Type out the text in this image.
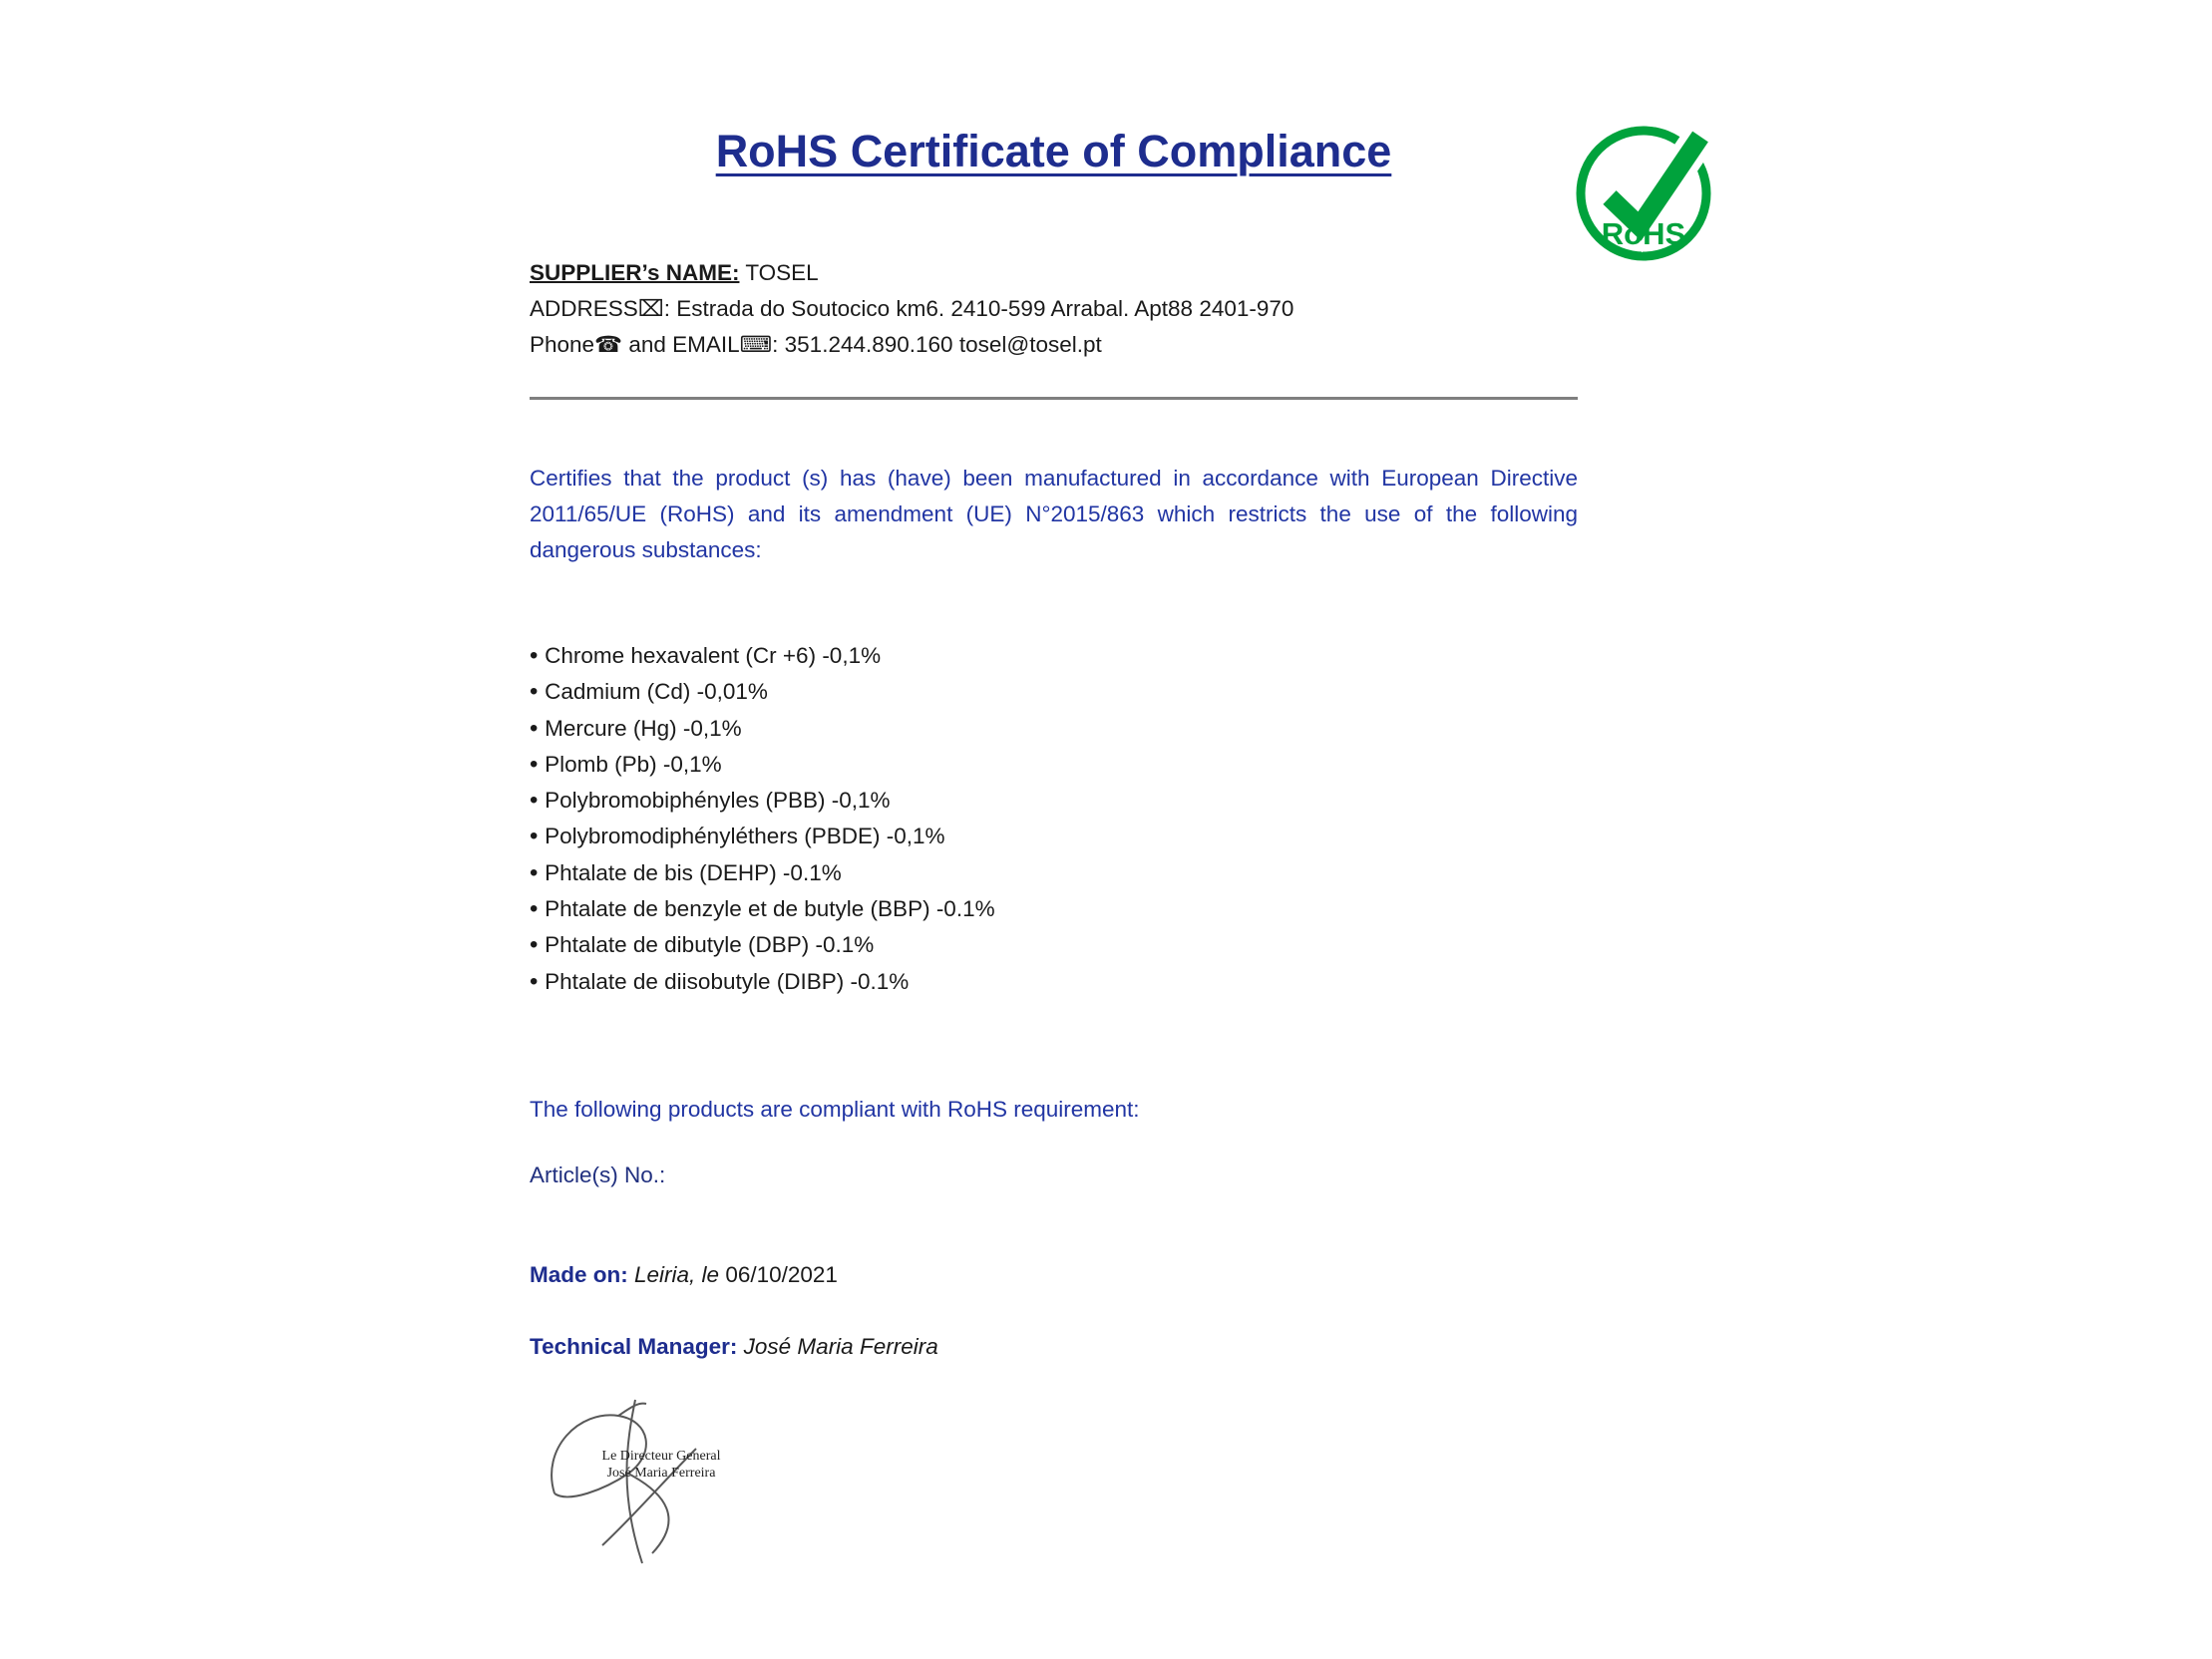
RoHS Certificate of Compliance
RoHS
SUPPLIER’s NAME: TOSEL
ADDRESS⌧: Estrada do Soutocico km6. 2410-599 Arrabal. Apt88 2401-970
Phone☎ and EMAIL⌨: 351.244.890.160 tosel@tosel.pt
Certifies that the product (s) has (have) been manufactured in accordance with European Directive 2011/65/UE (RoHS) and its amendment (UE) N°2015/863 which restricts the use of the following dangerous substances:
• Chrome hexavalent (Cr +6) -0,1%
• Cadmium (Cd) -0,01%
• Mercure (Hg) -0,1%
• Plomb (Pb) -0,1%
• Polybromobiphényles (PBB) -0,1%
• Polybromodiphényléthers (PBDE) -0,1%
• Phtalate de bis (DEHP) -0.1%
• Phtalate de benzyle et de butyle (BBP) -0.1%
• Phtalate de dibutyle (DBP) -0.1%
• Phtalate de diisobutyle (DIBP) -0.1%
The following products are compliant with RoHS requirement:
Article(s) No.:
Made on: Leiria, le 06/10/2021
Technical Manager: José Maria Ferreira
Le Directeur General
José Maria Ferreira
